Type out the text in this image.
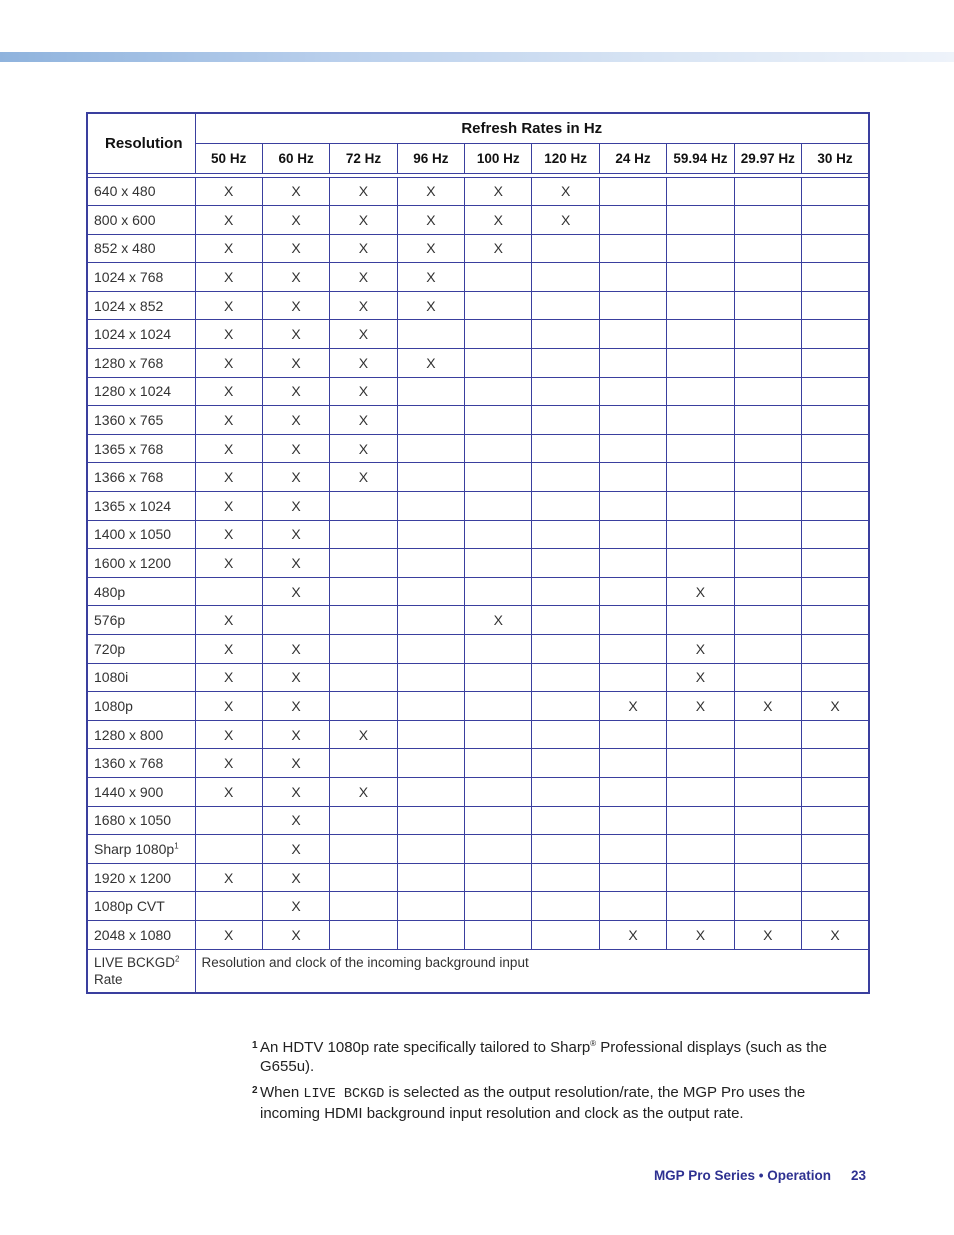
Resolution	Refresh Rates in Hz									
	50 Hz	60 Hz	72 Hz	96 Hz	100 Hz	120 Hz	24 Hz	59.94 Hz	29.97 Hz	30 Hz

640 x 480	X	X	X	X	X	X				
800 x 600	X	X	X	X	X	X				
852 x 480	X	X	X	X	X					
1024 x 768	X	X	X	X						
1024 x 852	X	X	X	X						
1024 x 1024	X	X	X							
1280 x 768	X	X	X	X						
1280 x 1024	X	X	X							
1360 x 765	X	X	X							
1365 x 768	X	X	X							
1366 x 768	X	X	X							
1365 x 1024	X	X								
1400 x 1050	X	X								
1600 x 1200	X	X								
480p		X						X		
576p	X				X					
720p	X	X						X		
1080i	X	X						X		
1080p	X	X					X	X	X	X
1280 x 800	X	X	X							
1360 x 768	X	X								
1440 x 900	X	X	X							
1680 x 1050		X								
Sharp $1080p^1$		X								
1920 x 1200	X	X								
1080p CVT		X								
2048 x 1080	X	X					X	X	X	X
LIVE BCKGD$^2$
Rate	Resolution and clock of the incoming background input									
1 An HDTV 1080p rate specifically tailored to Sharp® Professional displays (such as the G655u).
2 When LIVE BCKGD is selected as the output resolution/rate, the MGP Pro uses the incoming HDMI background input resolution and clock as the output rate.
MGP Pro Series • Operation 23
